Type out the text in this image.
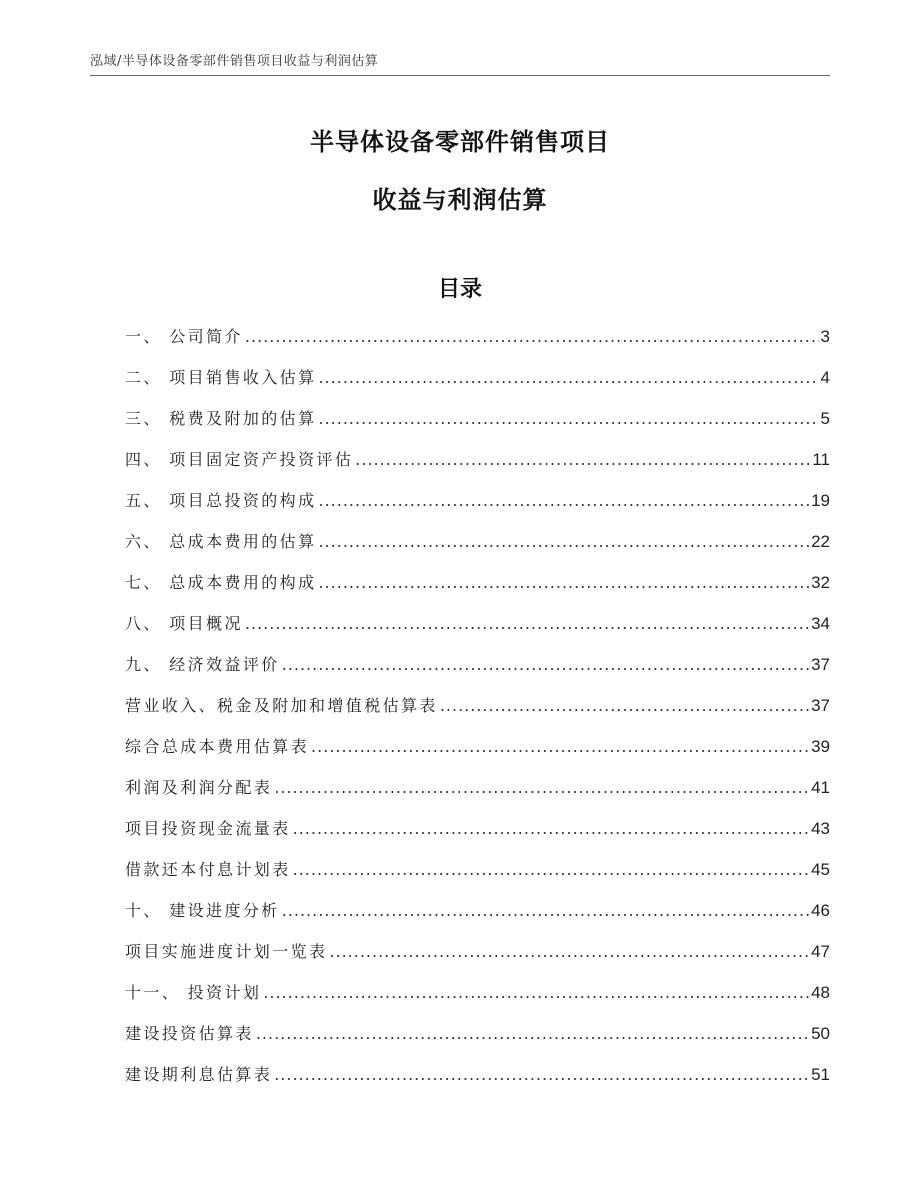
泓域/半导体设备零部件销售项目收益与利润估算
半导体设备零部件销售项目
收益与利润估算
目录
一、 公司简介 .....	3
二、 项目销售收入估算 .....	4
三、 税费及附加的估算 .....	5
四、 项目固定资产投资评估 .....	11
五、 项目总投资的构成 .....	19
六、 总成本费用的估算 .....	22
七、 总成本费用的构成 .....	32
八、 项目概况 .....	34
九、 经济效益评价 .....	37
营业收入、税金及附加和增值税估算表 .....	37
综合总成本费用估算表 .....	39
利润及利润分配表 .....	41
项目投资现金流量表 .....	43
借款还本付息计划表 .....	45
十、 建设进度分析 .....	46
项目实施进度计划一览表 .....	47
十一、 投资计划 .....	48
建设投资估算表 .....	50
建设期利息估算表 .....	51
